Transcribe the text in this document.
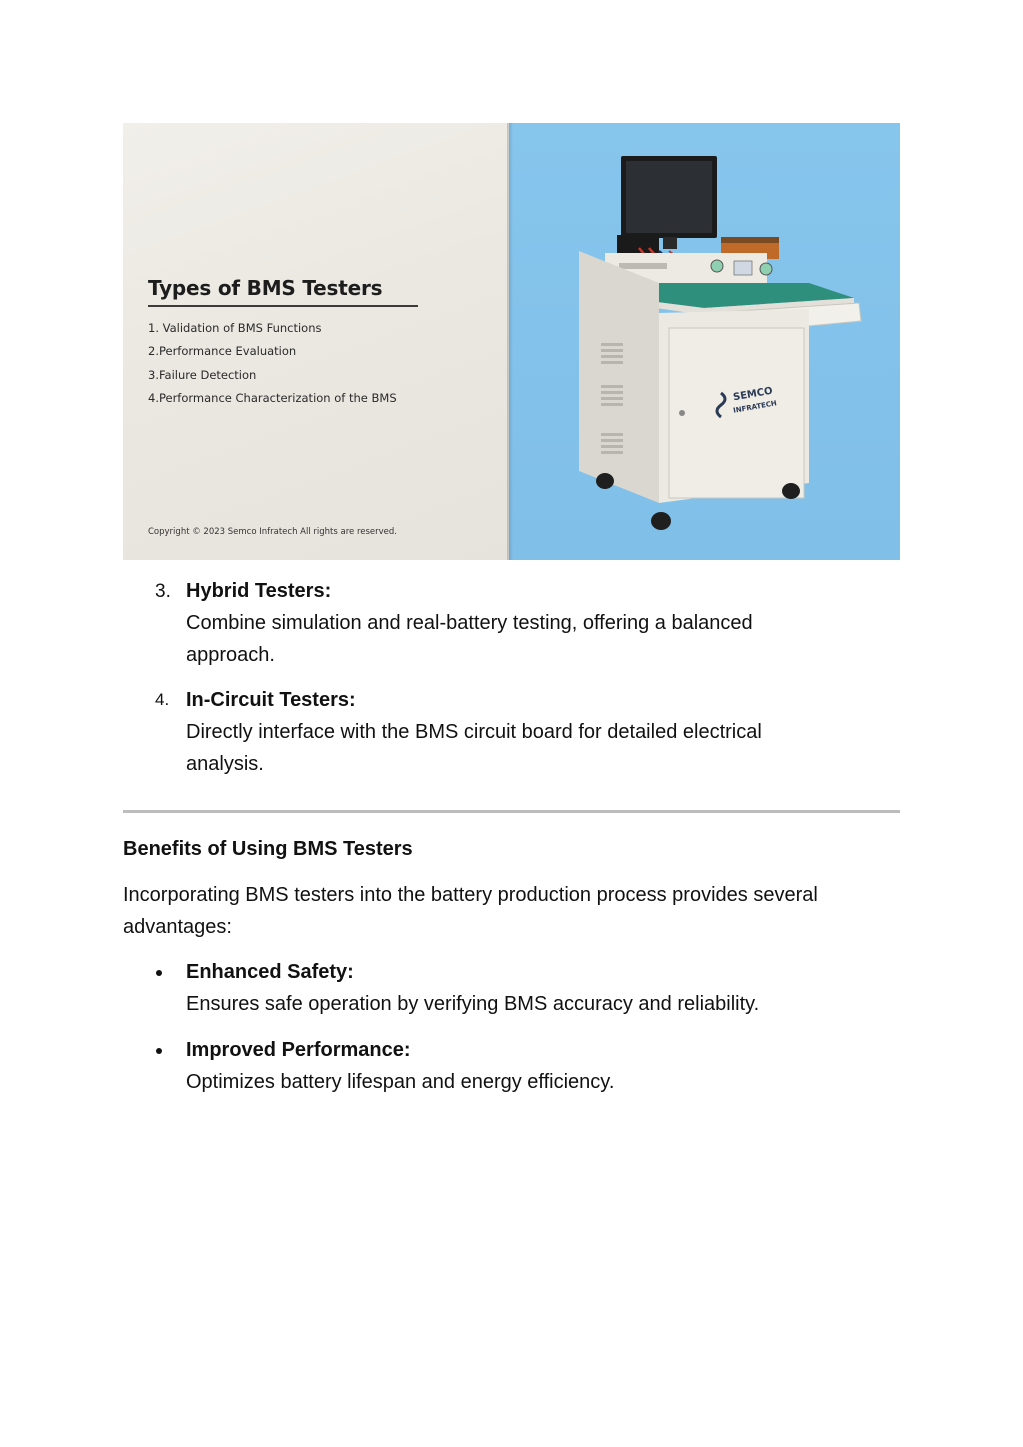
Types of BMS Testers
1. Validation of BMS Functions
2.Performance Evaluation
3.Failure Detection
4.Performance Characterization of the BMS
Copyright © 2023 Semco Infratech All rights are reserved.
SEMCO
INFRATECH
3. Hybrid Testers:
Combine simulation and real-battery testing, offering a balanced
approach.
4. In-Circuit Testers:
Directly interface with the BMS circuit board for detailed electrical
analysis.
Benefits of Using BMS Testers
Incorporating BMS testers into the battery production process provides several
advantages:
Enhanced Safety:
Ensures safe operation by verifying BMS accuracy and reliability.
Improved Performance:
Optimizes battery lifespan and energy efficiency.
